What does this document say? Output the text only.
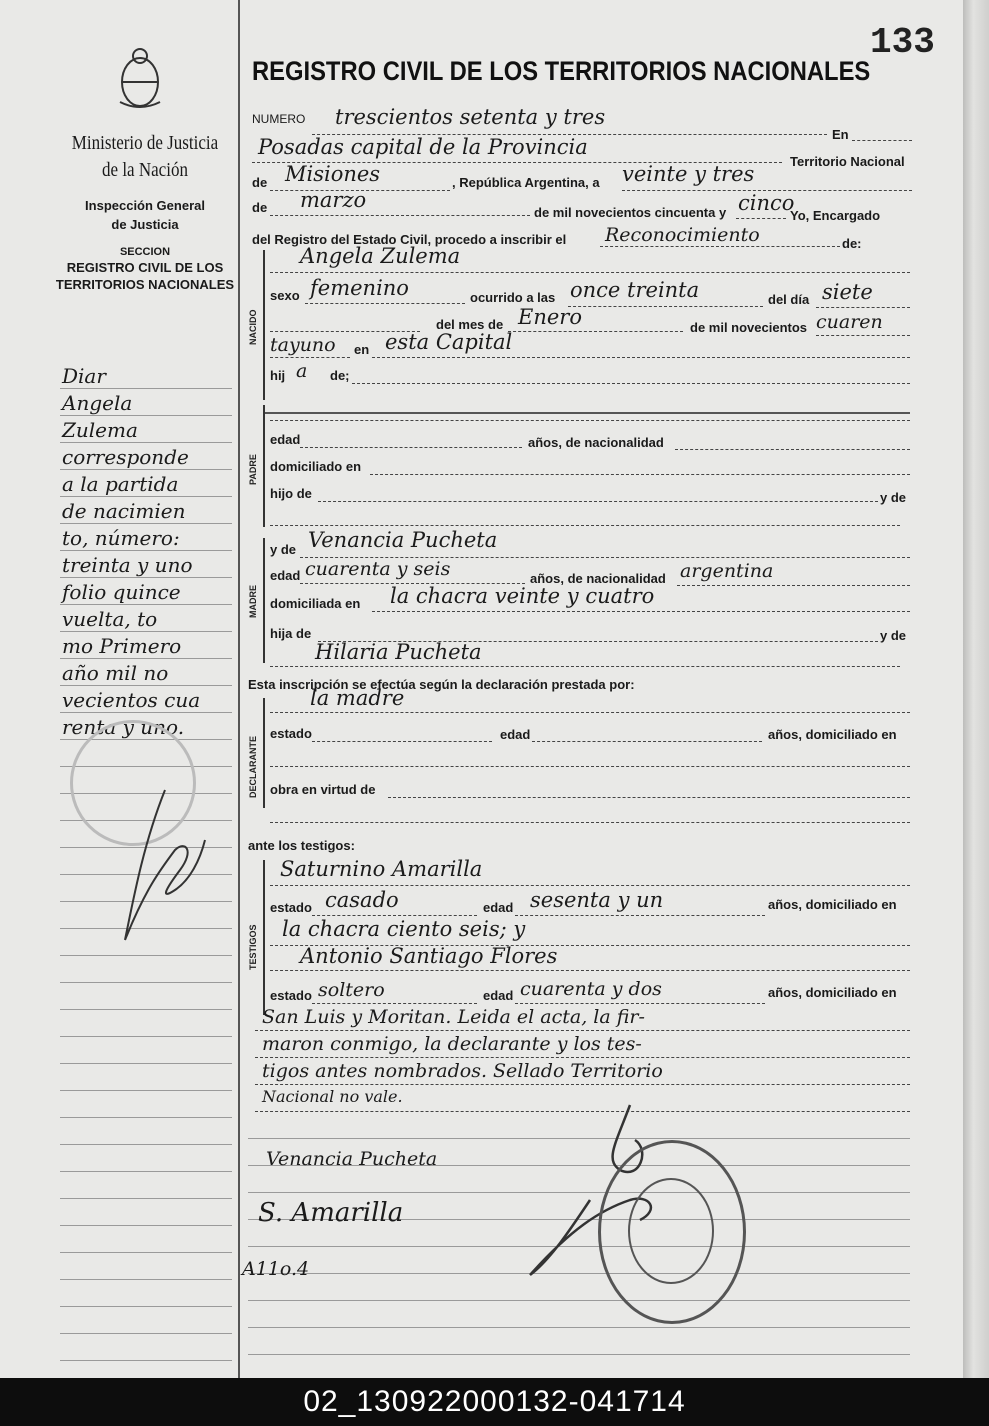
133
Ministerio de Justicia
de la Nación
Inspección General
de Justicia
SECCION
REGISTRO CIVIL DE LOS
TERRITORIOS NACIONALES
Diar
Angela
Zulema
corresponde
a la partida
de nacimien
to, número:
treinta y uno
folio quince
vuelta, to
mo Primero
año mil no
vecientos cua
renta y uno.
REGISTRO CIVIL DE LOS TERRITORIOS NACIONALES
NUMERO trescientos setenta y tres
En
Posadas capital de la Provincia
Territorio Nacional
de Misiones	, República Argentina, a veinte y tres
de marzo
de mil novecientos cincuenta y cinco
Yo, Encargado
del Registro del Estado Civil, procedo a inscribir el Reconocimiento	de:
NACIDO
Angela Zulema
sexo femenino	ocurrido a las once treinta	del día siete
del mes de Enero	de mil novecientos cuaren
tayuno en esta Capital
hij a de;
PADRE
edad	años, de nacionalidad
domiciliado en
hijo de	y de
MADRE
y de Venancia Pucheta
edad cuarenta y seis	años, de nacionalidad argentina
domiciliada en la chacra veinte y cuatro
hija de	y de
Hilaria Pucheta
Esta inscripción se efectúa según la declaración prestada por:
DECLARANTE
la madre
estado	edad	años, domiciliado en
obra en virtud de
ante los testigos:
TESTIGOS
Saturnino Amarilla
estado casado	edad sesenta y un	años, domiciliado en
la chacra ciento seis; y
Antonio Santiago Flores
estado soltero	edad cuarenta y dos	años, domiciliado en
San Luis y Moritan. Leida el acta, la fir-
maron conmigo, la declarante y los tes-
tigos antes nombrados. Sellado Territorio
Nacional no vale.
Venancia Pucheta
S. Amarilla
A11o.4
02_130922000132-041714
